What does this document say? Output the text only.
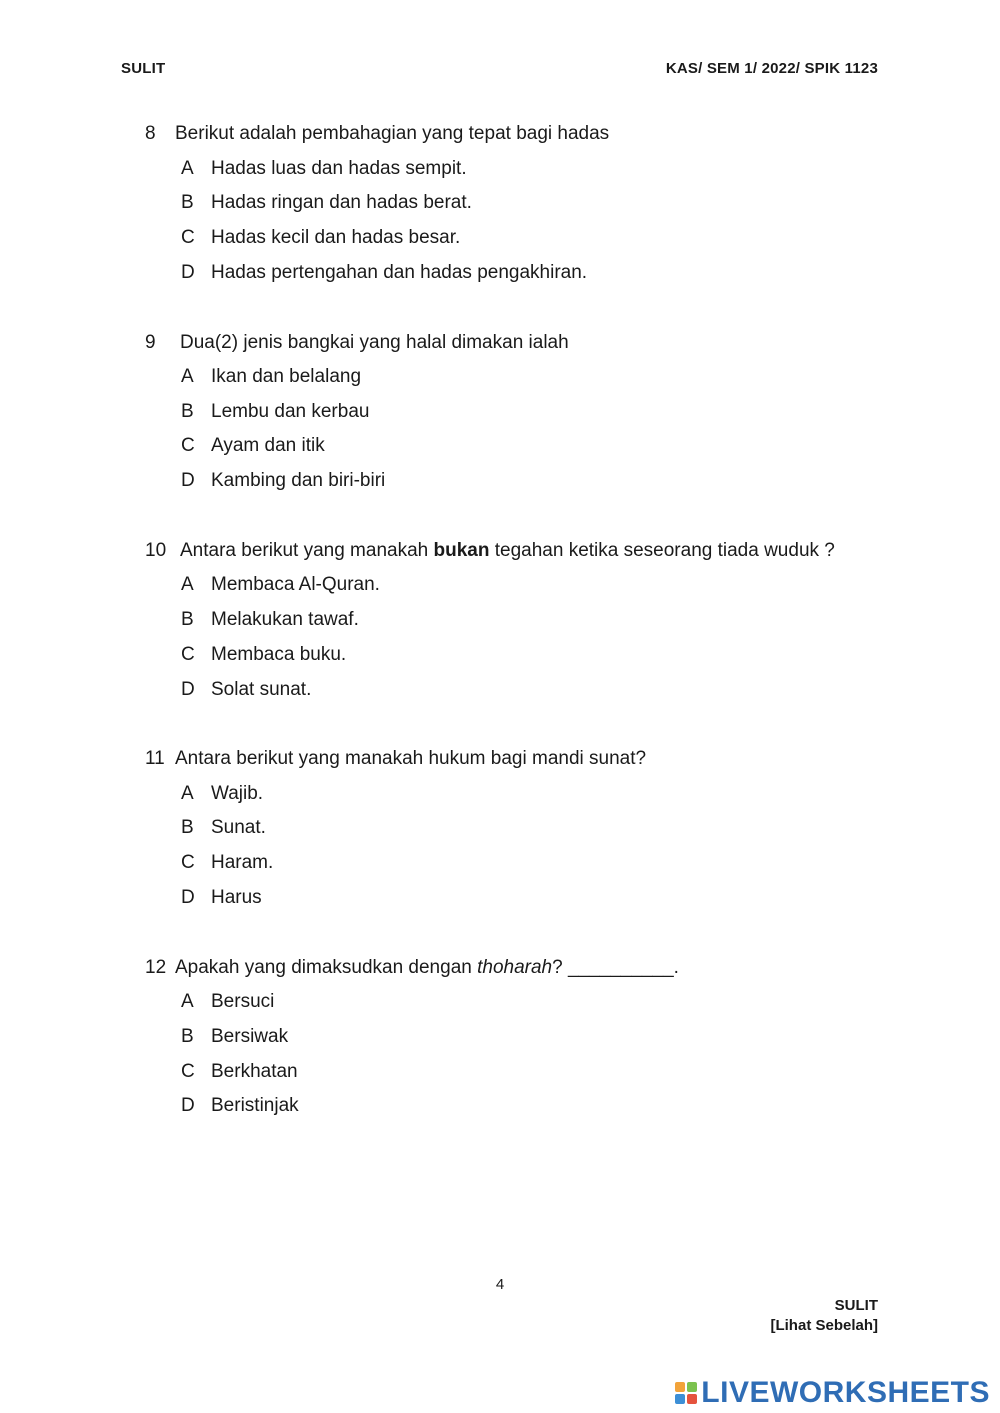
SULIT	KAS/ SEM 1/ 2022/ SPIK 1123
8 Berikut adalah pembahagian yang tepat bagi hadas
A Hadas luas dan hadas sempit.
B Hadas ringan dan hadas berat.
C Hadas kecil dan hadas besar.
D Hadas pertengahan dan hadas pengakhiran.
9 Dua(2) jenis bangkai yang halal dimakan ialah
A Ikan dan belalang
B Lembu dan kerbau
C Ayam dan itik
D Kambing dan biri-biri
10 Antara berikut yang manakah bukan tegahan ketika seseorang tiada wuduk ?
A Membaca Al-Quran.
B Melakukan tawaf.
C Membaca buku.
D Solat sunat.
11 Antara berikut yang manakah hukum bagi mandi sunat?
A Wajib.
B Sunat.
C Haram.
D Harus
12 Apakah yang dimaksudkan dengan thoharah? __________.
A Bersuci
B Bersiwak
C Berkhatan
D Beristinjak
4
SULIT
[Lihat Sebelah]
LIVEWORKSHEETS
